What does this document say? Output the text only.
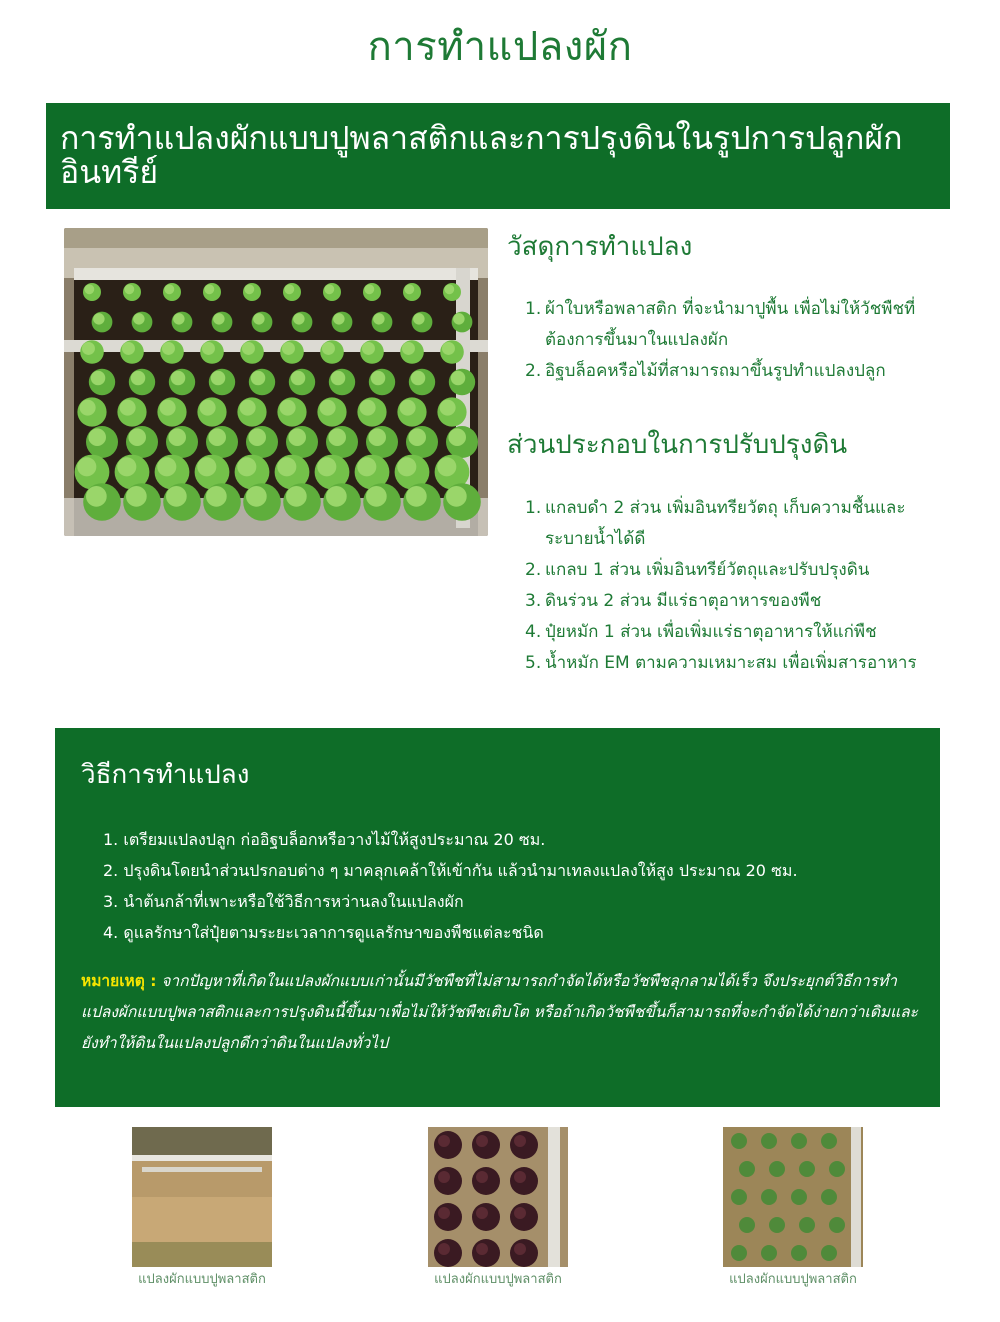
การทำแปลงผัก
การทำแปลงผักแบบปูพลาสติกและการปรุงดินในรูปการปลูกผักอินทรีย์
วัสดุการทำแปลง
1. ผ้าใบหรือพลาสติก ที่จะนำมาปูพื้น เพื่อไม่ให้วัชพืชที่
ต้องการขึ้นมาในแปลงผัก
2. อิฐบล็อคหรือไม้ที่สามารถมาขึ้นรูปทำแปลงปลูก
ส่วนประกอบในการปรับปรุงดิน
1. แกลบดำ 2 ส่วน เพิ่มอินทรียวัตถุ เก็บความชื้นและ
ระบายน้ำได้ดี
2. แกลบ 1 ส่วน เพิ่มอินทรีย์วัตถุและปรับปรุงดิน
3. ดินร่วน 2 ส่วน มีแร่ธาตุอาหารของพืช
4. ปุ๋ยหมัก 1 ส่วน เพื่อเพิ่มแร่ธาตุอาหารให้แก่พืช
5. น้ำหมัก EM ตามความเหมาะสม เพื่อเพิ่มสารอาหาร
วิธีการทำแปลง
1. เตรียมแปลงปลูก ก่ออิฐบล็อกหรือวางไม้ให้สูงประมาณ 20 ซม.
2. ปรุงดินโดยนำส่วนปรกอบต่าง ๆ มาคลุกเคล้าให้เข้ากัน แล้วนำมาเทลงแปลงให้สูง ประมาณ 20 ซม.
3. นำต้นกล้าที่เพาะหรือใช้วิธีการหว่านลงในแปลงผัก
4. ดูแลรักษาใส่ปุ๋ยตามระยะเวลาการดูแลรักษาของพืชแต่ละชนิด

หมายเหตุ : จากปัญหาที่เกิดในแปลงผักแบบเก่านั้นมีวัชพืชที่ไม่สามารถกำจัดได้หรือวัชพืชลุกลามได้เร็ว จึงประยุกต์วิธีการทำแปลงผักแบบปูพลาสติกและการปรุงดินนี้ขึ้นมาเพื่อไม่ให้วัชพืชเติบโต หรือถ้าเกิดวัชพืชขึ้นก็สามารถที่จะกำจัดได้ง่ายกว่าเดิมและยังทำให้ดินในแปลงปลูกดีกว่าดินในแปลงทั่วไป

แปลงผักแบบปูพลาสติก	แปลงผักแบบปูพลาสติก	แปลงผักแบบปูพลาสติก
